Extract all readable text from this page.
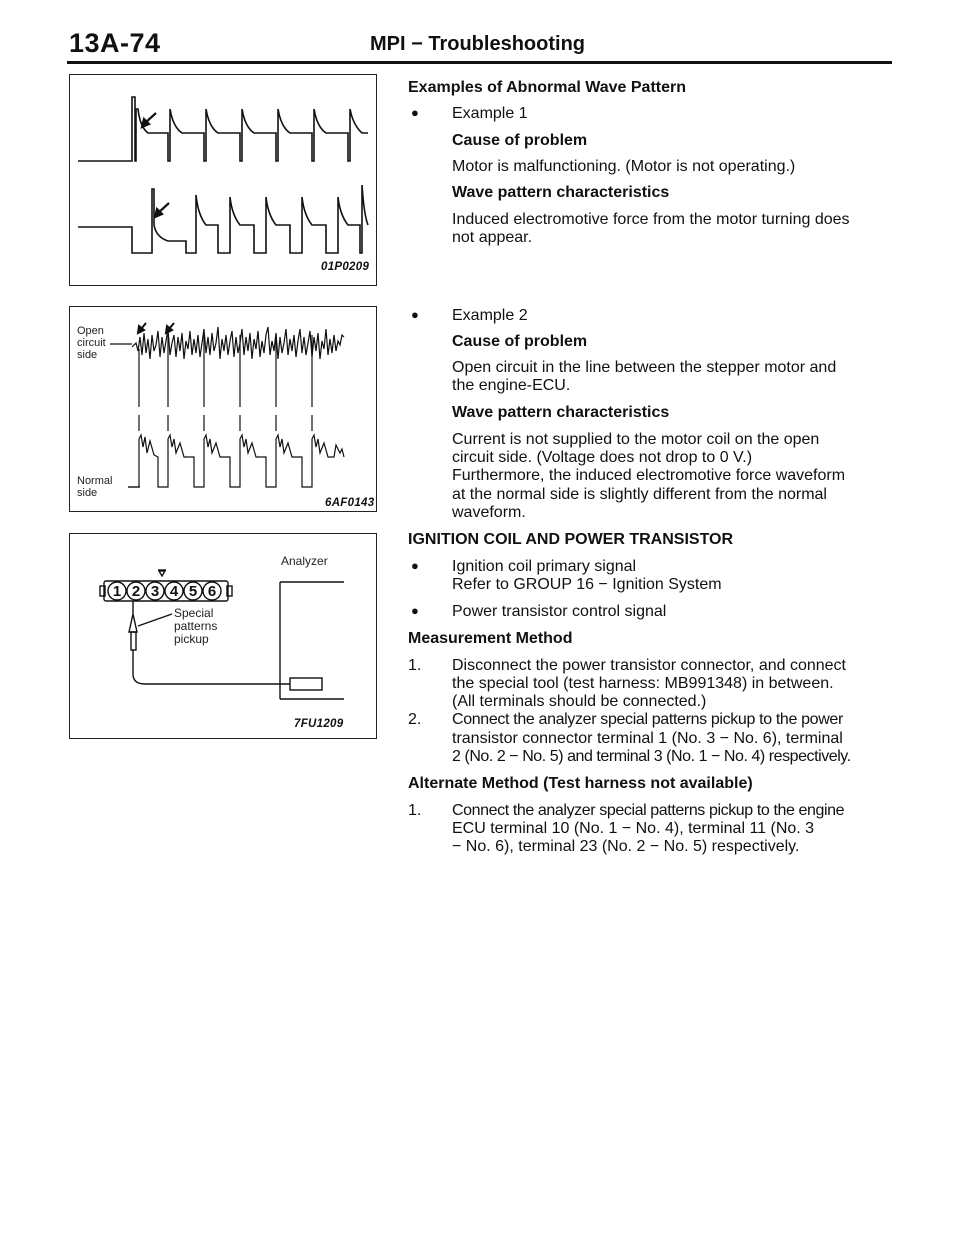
13A-74	MPI − Troubleshooting
01P0209
Open
circuit
side
Normal
side
6AF0143
1 2 3 4 5 6
Analyzer
Special
patterns
pickup
7FU1209
Examples of Abnormal Wave Pattern
● Example 1
Cause of problem
Motor is malfunctioning. (Motor is not operating.)
Wave pattern characteristics
Induced electromotive force from the motor turning does
not appear.
● Example 2
Cause of problem
Open circuit in the line between the stepper motor and
the engine-ECU.
Wave pattern characteristics
Current is not supplied to the motor coil on the open
circuit side. (Voltage does not drop to 0 V.)
Furthermore, the induced electromotive force waveform
at the normal side is slightly different from the normal
waveform.
IGNITION COIL AND POWER TRANSISTOR
● Ignition coil primary signal
Refer to GROUP 16 − Ignition System
● Power transistor control signal
Measurement Method
1. Disconnect the power transistor connector, and connect
the special tool (test harness: MB991348) in between.
(All terminals should be connected.)
2. Connect the analyzer special patterns pickup to the power
transistor connector terminal 1 (No. 3 − No. 6), terminal
2 (No. 2 − No. 5) and terminal 3 (No. 1 − No. 4) respectively.
Alternate Method (Test harness not available)
1. Connect the analyzer special patterns pickup to the engine
ECU terminal 10 (No. 1 − No. 4), terminal 11 (No. 3
− No. 6), terminal 23 (No. 2 − No. 5) respectively.
